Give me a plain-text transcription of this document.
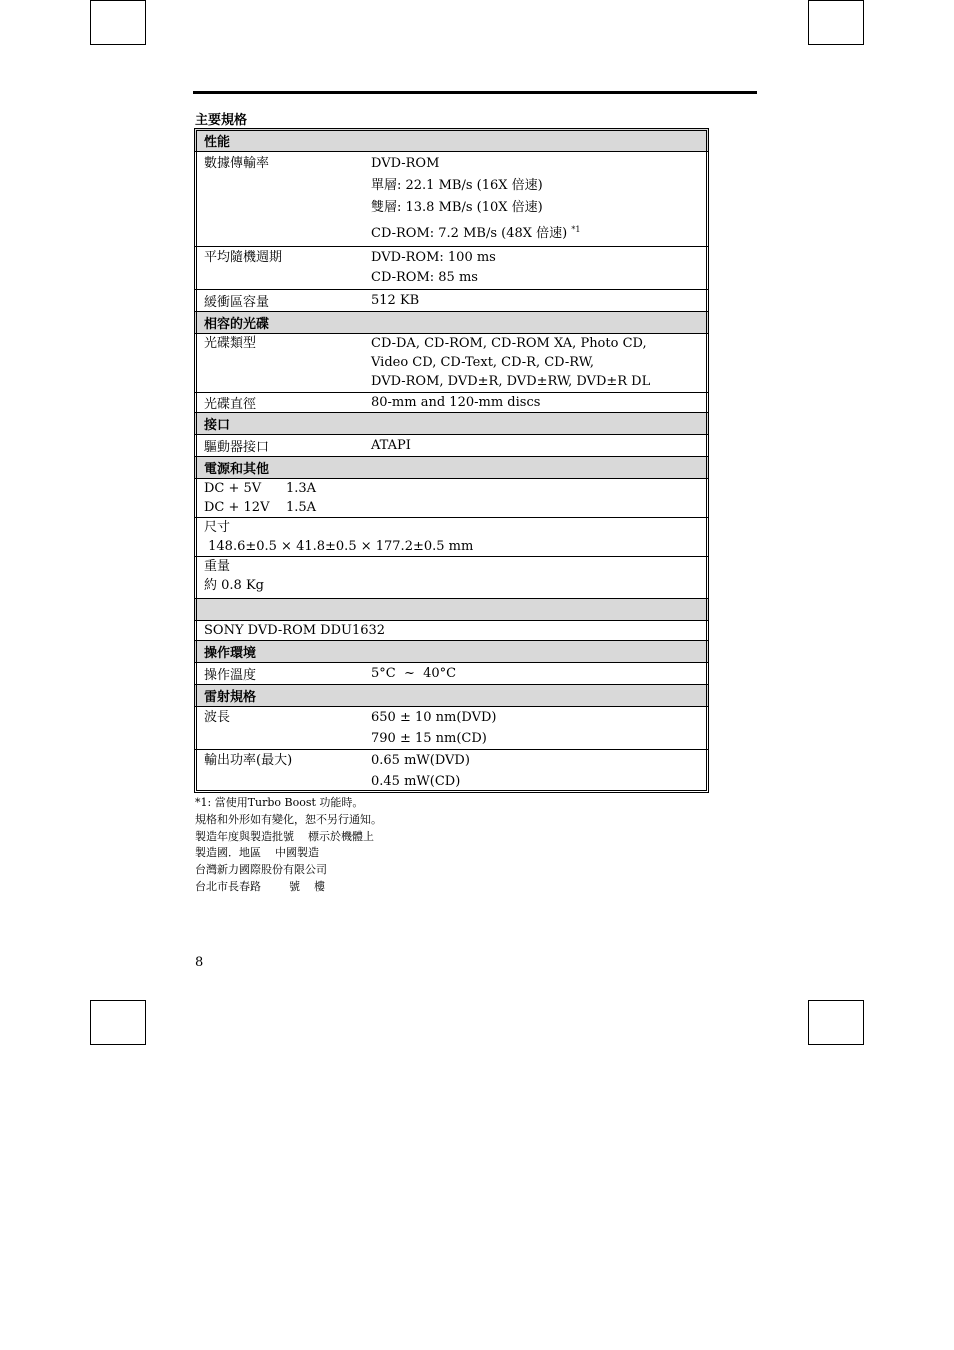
主要規格
性能
數據傳輸率	DVD-ROM
單層: 22.1 MB/s (16X 倍速)
雙層: 13.8 MB/s (10X 倍速)
CD-ROM: 7.2 MB/s (48X 倍速) $^{*1}$
平均隨機週期	DVD-ROM: 100 ms
CD-ROM: 85 ms
緩衝區容量	512 KB
相容的光碟
光碟類型	CD-DA, CD-ROM, CD-ROM XA, Photo CD,
Video CD, CD-Text, CD-R, CD-RW,
DVD-ROM, DVD±R, DVD±RW, DVD±R DL
光碟直徑	80-mm and 120-mm discs
接口
驅動器接口	ATAPI
電源和其他
DC + 5V      1.3A
DC + 12V    1.5A
尺寸
148.6±0.5 × 41.8±0.5 × 177.2±0.5 mm
重量
約 0.8 Kg
SONY DVD-ROM DDU1632
操作環境
操作溫度	5°C  ~  40°C
雷射規格
波長	650 ± 10 nm(DVD)
790 ± 15 nm(CD)
輸出功率(最大)	0.65 mW(DVD)
0.45 mW(CD)
*1: 當使用Turbo Boost 功能時。
規格和外形如有變化，恕不另行通知。
製造年度與製造批號    標示於機體上
製造國．地區    中國製造
台灣新力國際股份有限公司
台北市長春路        號    樓
8
